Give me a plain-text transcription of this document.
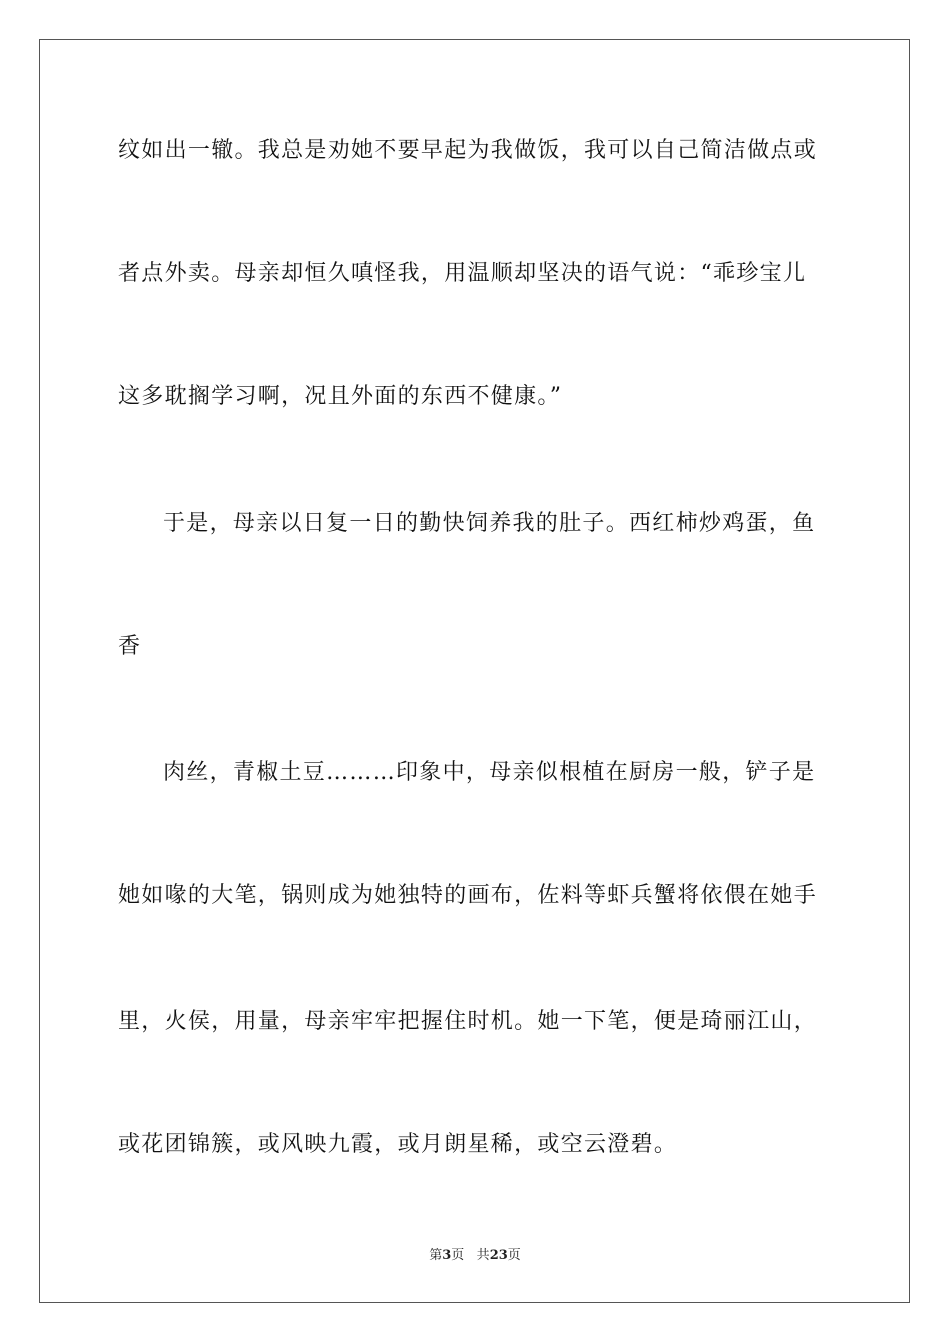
纹如出一辙。我总是劝她不要早起为我做饭，我可以自己简洁做点或
者点外卖。母亲却恒久嗔怪我，用温顺却坚决的语气说：“乖珍宝儿
这多耽搁学习啊，况且外面的东西不健康。”
于是，母亲以日复一日的勤快饲养我的肚子。西红柿炒鸡蛋，鱼
香
肉丝，青椒土豆………印象中，母亲似根植在厨房一般，铲子是
她如喙的大笔，锅则成为她独特的画布，佐料等虾兵蟹将依偎在她手
里，火侯，用量，母亲牢牢把握住时机。她一下笔，便是琦丽江山，
或花团锦簇，或风映九霞，或月朗星稀，或空云澄碧。
第3页 共23页
